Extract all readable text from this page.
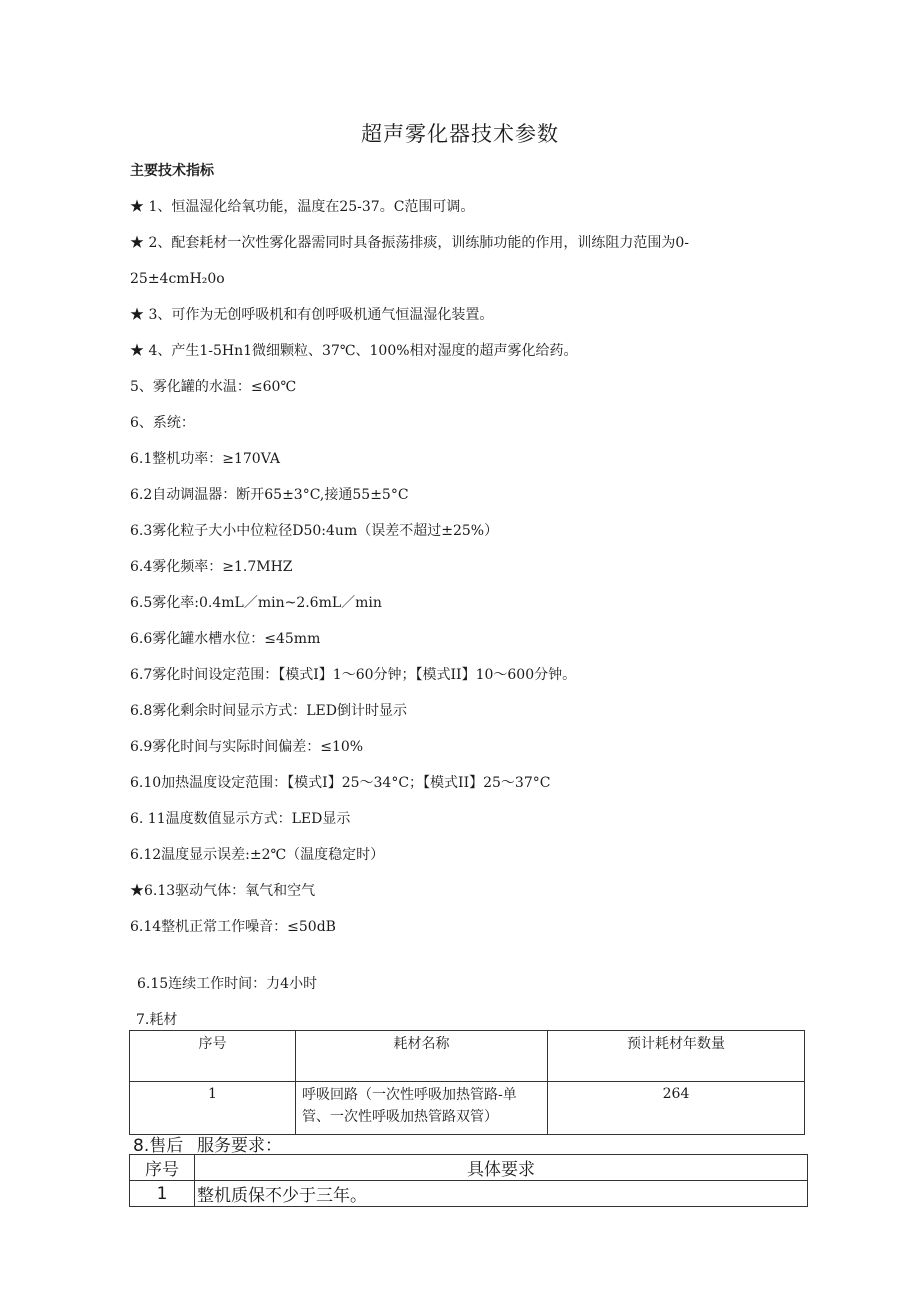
超声雾化器技术参数
主要技术指标
★ 1、恒温湿化给氧功能，温度在25-37。C范围可调。
★ 2、配套耗材一次性雾化器需同时具备振荡排痰，训练肺功能的作用，训练阻力范围为0-
25±4cmH₂0o
★ 3、可作为无创呼吸机和有创呼吸机通气恒温湿化装置。
★ 4、产生1-5Hn1微细颗粒、37℃、100%相对湿度的超声雾化给药。
5、雾化罐的水温：≤60℃
6、系统：
6.1整机功率：≥170VA
6.2自动调温器：断开65±3°C,接通55±5°C
6.3雾化粒子大小中位粒径D50:4um（误差不超过±25%）
6.4雾化频率：≥1.7MHZ
6.5雾化率:0.4mL／min~2.6mL／min
6.6雾化罐水槽水位：≤45mm
6.7雾化时间设定范围：【模式I】1～60分钟；【模式II】10～600分钟。
6.8雾化剩余时间显示方式：LED倒计时显示
6.9雾化时间与实际时间偏差：≤10%
6.10加热温度设定范围：【模式I】25～34°C；【模式II】25～37°C
6. 11温度数值显示方式：LED显示
6.12温度显示误差:±2℃（温度稳定时）
★6.13驱动气体：氧气和空气
6.14整机正常工作噪音：≤50dB
6.15连续工作时间：力4小时
7.耗材
序号	耗材名称	预计耗材年数量
1	呼吸回路（一次性呼吸加热管路-单管、一次性呼吸加热管路双管）	264
8.售后 服务要求：
序号	具体要求
1	整机质保不少于三年。
